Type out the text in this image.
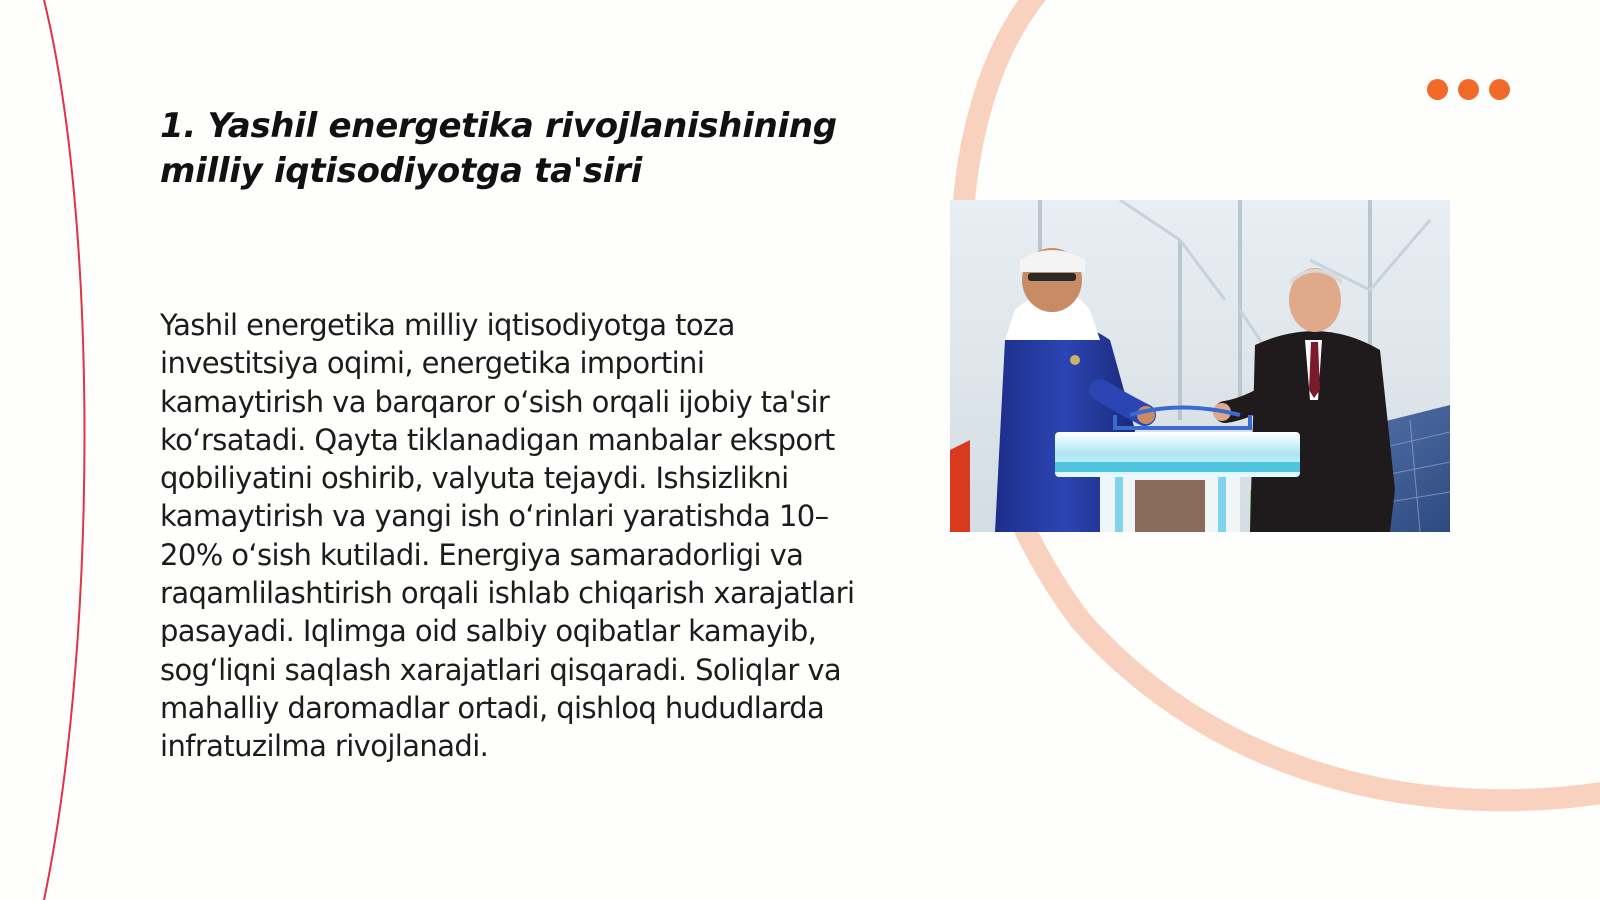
1. Yashil energetika rivojlanishining milliy iqtisodiyotga ta'siri

Yashil energetika milliy iqtisodiyotga toza investitsiya oqimi, energetika importini kamaytirish va barqaror o‘sish orqali ijobiy ta'sir ko‘rsatadi. Qayta tiklanadigan manbalar eksport qobiliyatini oshirib, valyuta tejaydi. Ishsizlikni kamaytirish va yangi ish o‘rinlari yaratishda 10–20% o‘sish kutiladi. Energiya samaradorligi va raqamlilashtirish orqali ishlab chiqarish xarajatlari pasayadi. Iqlimga oid salbiy oqibatlar kamayib, sog‘liqni saqlash xarajatlari qisqaradi. Soliqlar va mahalliy daromadlar ortadi, qishloq hududlarda infratuzilma rivojlanadi.
